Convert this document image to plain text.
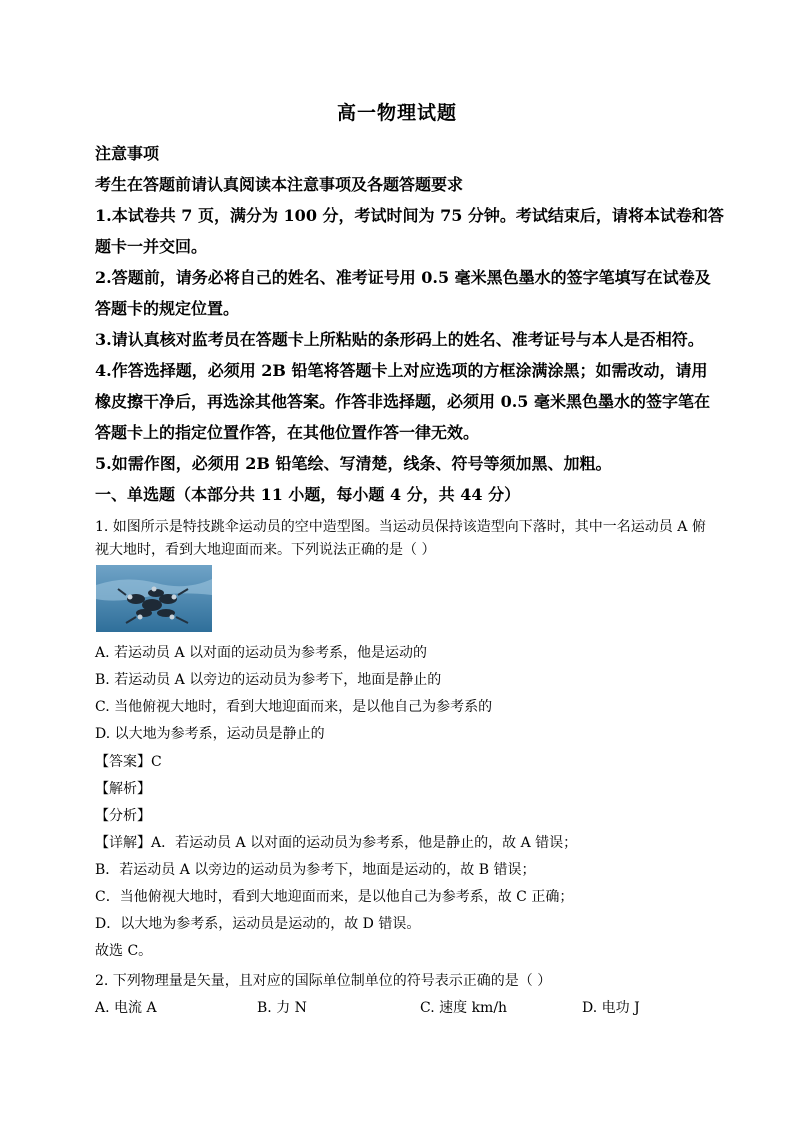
高一物理试题
注意事项
考生在答题前请认真阅读本注意事项及各题答题要求
1.本试卷共 7 页，满分为 100 分，考试时间为 75 分钟。考试结束后，请将本试卷和答
题卡一并交回。
2.答题前，请务必将自己的姓名、准考证号用 0.5 毫米黑色墨水的签字笔填写在试卷及
答题卡的规定位置。
3.请认真核对监考员在答题卡上所粘贴的条形码上的姓名、准考证号与本人是否相符。
4.作答选择题，必须用 2B 铅笔将答题卡上对应选项的方框涂满涂黑；如需改动，请用
橡皮擦干净后，再选涂其他答案。作答非选择题，必须用 0.5 毫米黑色墨水的签字笔在
答题卡上的指定位置作答，在其他位置作答一律无效。
5.如需作图，必须用 2B 铅笔绘、写清楚，线条、符号等须加黑、加粗。
一、单选题（本部分共 11 小题，每小题 4 分，共 44 分）
1. 如图所示是特技跳伞运动员的空中造型图。当运动员保持该造型向下落时，其中一名运动员 A 俯
视大地时，看到大地迎面而来。下列说法正确的是（ ）
A. 若运动员 A 以对面的运动员为参考系，他是运动的
B. 若运动员 A 以旁边的运动员为参考下，地面是静止的
C. 当他俯视大地时，看到大地迎面而来，是以他自己为参考系的
D. 以大地为参考系，运动员是静止的
【答案】C
【解析】
【分析】
【详解】A．若运动员 A 以对面的运动员为参考系，他是静止的，故 A 错误；
B．若运动员 A 以旁边的运动员为参考下，地面是运动的，故 B 错误；
C．当他俯视大地时，看到大地迎面而来，是以他自己为参考系，故 C 正确；
D．以大地为参考系，运动员是运动的，故 D 错误。
故选 C。
2. 下列物理量是矢量，且对应的国际单位制单位的符号表示正确的是（ ）
A. 电流 A	B. 力 N	C. 速度 km/h	D. 电功 J
